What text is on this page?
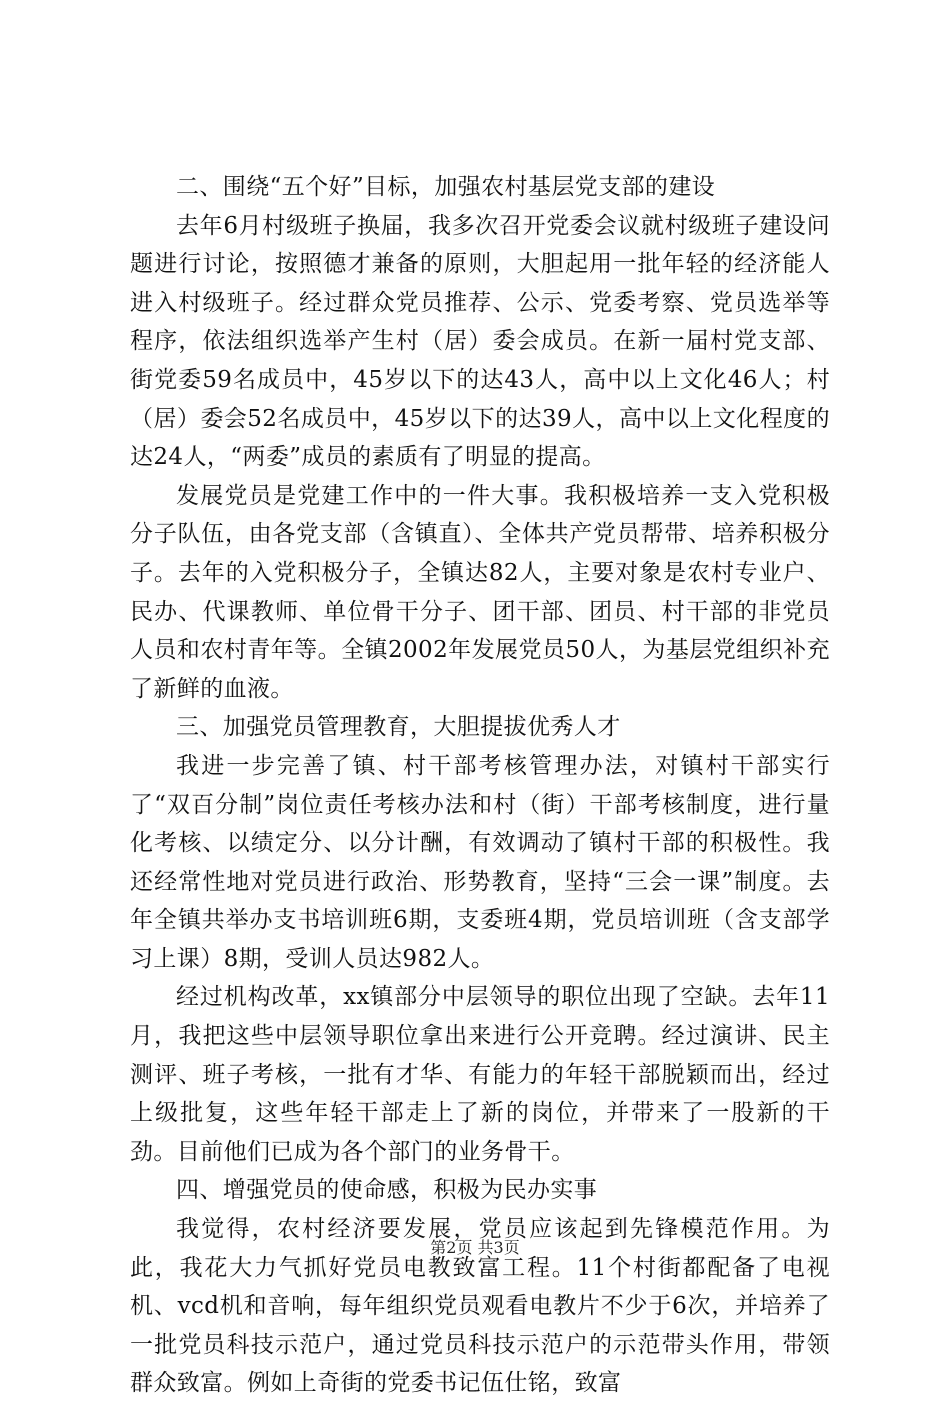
二、围绕“五个好”目标，加强农村基层党支部的建设

去年6月村级班子换届，我多次召开党委会议就村级班子建设问题进行讨论，按照德才兼备的原则，大胆起用一批年轻的经济能人进入村级班子。经过群众党员推荐、公示、党委考察、党员选举等程序，依法组织选举产生村（居）委会成员。在新一届村党支部、街党委59名成员中，45岁以下的达43人，高中以上文化46人；村（居）委会52名成员中，45岁以下的达39人，高中以上文化程度的达24人，“两委”成员的素质有了明显的提高。

发展党员是党建工作中的一件大事。我积极培养一支入党积极分子队伍，由各党支部（含镇直）、全体共产党员帮带、培养积极分子。去年的入党积极分子，全镇达82人，主要对象是农村专业户、民办、代课教师、单位骨干分子、团干部、团员、村干部的非党员人员和农村青年等。全镇2002年发展党员50人，为基层党组织补充了新鲜的血液。

三、加强党员管理教育，大胆提拔优秀人才

我进一步完善了镇、村干部考核管理办法，对镇村干部实行了“双百分制”岗位责任考核办法和村（街）干部考核制度，进行量化考核、以绩定分、以分计酬，有效调动了镇村干部的积极性。我还经常性地对党员进行政治、形势教育，坚持“三会一课”制度。去年全镇共举办支书培训班6期，支委班4期，党员培训班（含支部学习上课）8期，受训人员达982人。

经过机构改革，xx镇部分中层领导的职位出现了空缺。去年11月，我把这些中层领导职位拿出来进行公开竞聘。经过演讲、民主测评、班子考核，一批有才华、有能力的年轻干部脱颖而出，经过上级批复，这些年轻干部走上了新的岗位，并带来了一股新的干劲。目前他们已成为各个部门的业务骨干。

四、增强党员的使命感，积极为民办实事

我觉得，农村经济要发展，党员应该起到先锋模范作用。为此，我花大力气抓好党员电教致富工程。11个村街都配备了电视机、vcd机和音响，每年组织党员观看电教片不少于6次，并培养了一批党员科技示范户，通过党员科技示范户的示范带头作用，带领群众致富。例如上奇街的党委书记伍仕铭，致富

第2页 共3页
